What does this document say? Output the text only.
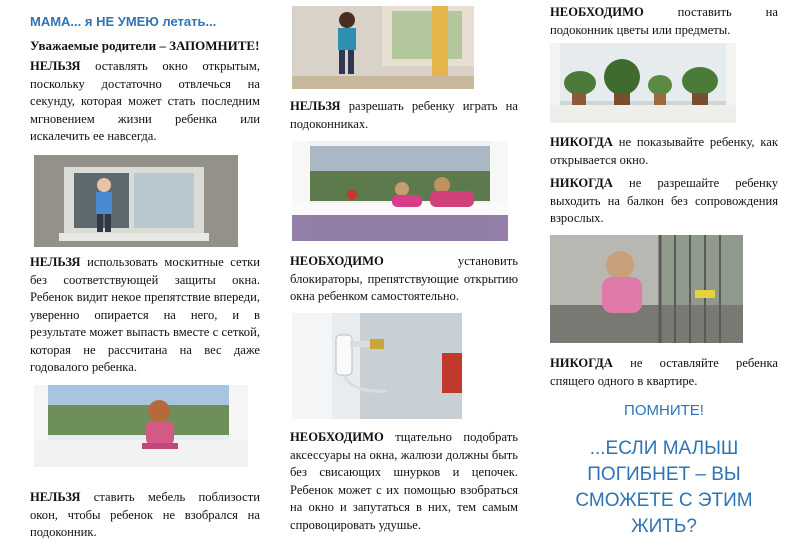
МАМА... я НЕ УМЕЮ летать...
Уважаемые родители – ЗАПОМНИТЕ!

НЕЛЬЗЯ оставлять окно открытым, поскольку достаточно отвлечься на секунду, которая может стать последним мгновением жизни ребенка или искалечить ее навсегда.

НЕЛЬЗЯ использовать москитные сетки без соответствующей защиты окна. Ребенок видит некое препятствие впереди, уверенно опирается на него, и в результате может выпасть вместе с сеткой, которая не рассчитана на вес даже годовалого ребенка.

НЕЛЬЗЯ ставить мебель поблизости окон, чтобы ребенок не взобрался на подоконник.

НЕЛЬЗЯ разрешать ребенку играть на подоконниках.

НЕОБХОДИМО	установить блокираторы, препятствующие открытию окна ребенком самостоятельно.

НЕОБХОДИМО тщательно подобрать аксессуары на окна, жалюзи должны быть без свисающих шнурков и цепочек. Ребенок может с их помощью взобраться на окно и запутаться в них, тем самым спровоцировать удушье.

НЕОБХОДИМО	поставить на подоконник цветы или предметы.

НИКОГДА не показывайте ребенку, как открывается окно.

НИКОГДА не разрешайте ребенку выходить на балкон без сопровождения взрослых.

НИКОГДА не оставляйте ребенка спящего одного в квартире.

ПОМНИТЕ!
...ЕСЛИ МАЛЫШ ПОГИБНЕТ – ВЫ СМОЖЕТЕ С ЭТИМ ЖИТЬ?
